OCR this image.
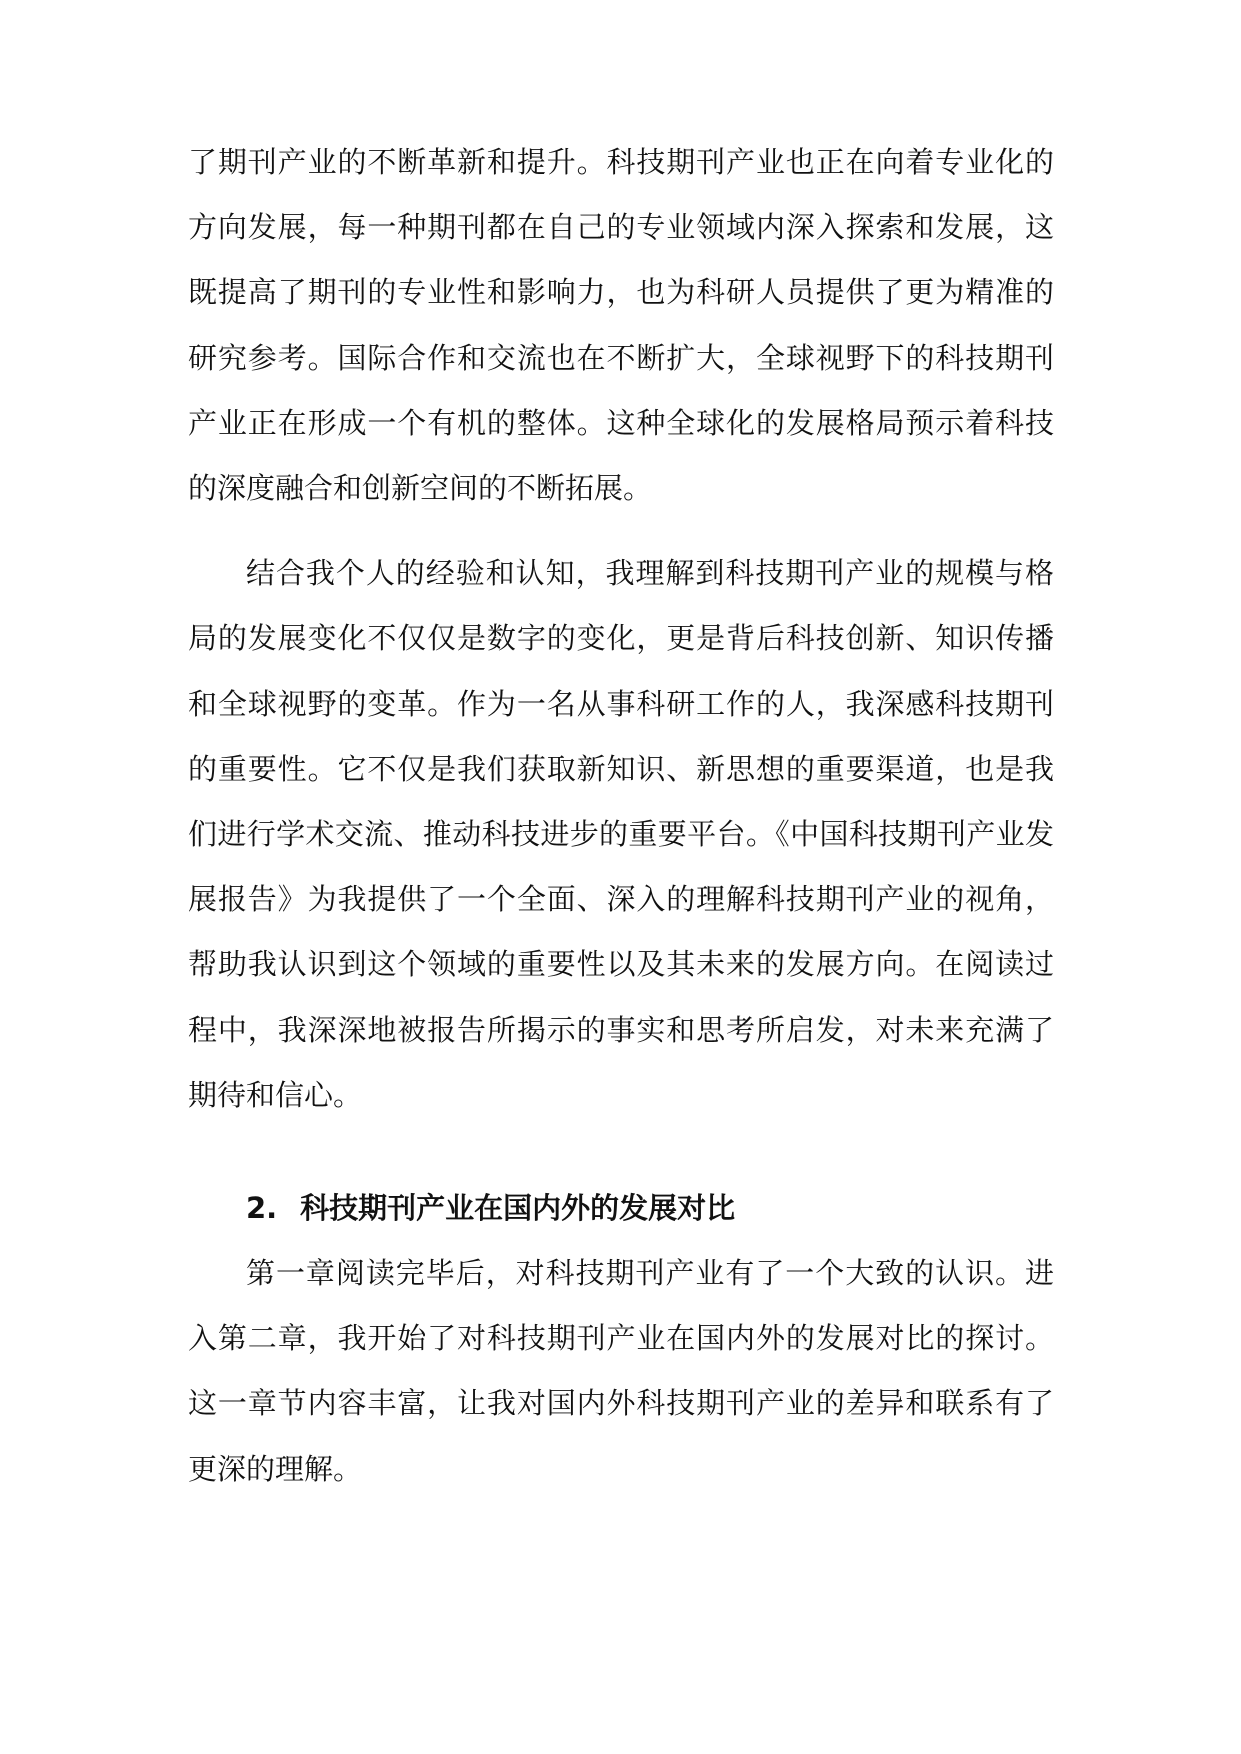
了期刊产业的不断革新和提升。科技期刊产业也正在向着专业化的方向发展，每一种期刊都在自己的专业领域内深入探索和发展，这既提高了期刊的专业性和影响力，也为科研人员提供了更为精准的研究参考。国际合作和交流也在不断扩大，全球视野下的科技期刊产业正在形成一个有机的整体。这种全球化的发展格局预示着科技的深度融合和创新空间的不断拓展。

结合我个人的经验和认知，我理解到科技期刊产业的规模与格局的发展变化不仅仅是数字的变化，更是背后科技创新、知识传播和全球视野的变革。作为一名从事科研工作的人，我深感科技期刊的重要性。它不仅是我们获取新知识、新思想的重要渠道，也是我们进行学术交流、推动科技进步的重要平台。《中国科技期刊产业发展报告》为我提供了一个全面、深入的理解科技期刊产业的视角，帮助我认识到这个领域的重要性以及其未来的发展方向。在阅读过程中，我深深地被报告所揭示的事实和思考所启发，对未来充满了期待和信心。

2. 科技期刊产业在国内外的发展对比

第一章阅读完毕后，对科技期刊产业有了一个大致的认识。进入第二章，我开始了对科技期刊产业在国内外的发展对比的探讨。这一章节内容丰富，让我对国内外科技期刊产业的差异和联系有了更深的理解。
